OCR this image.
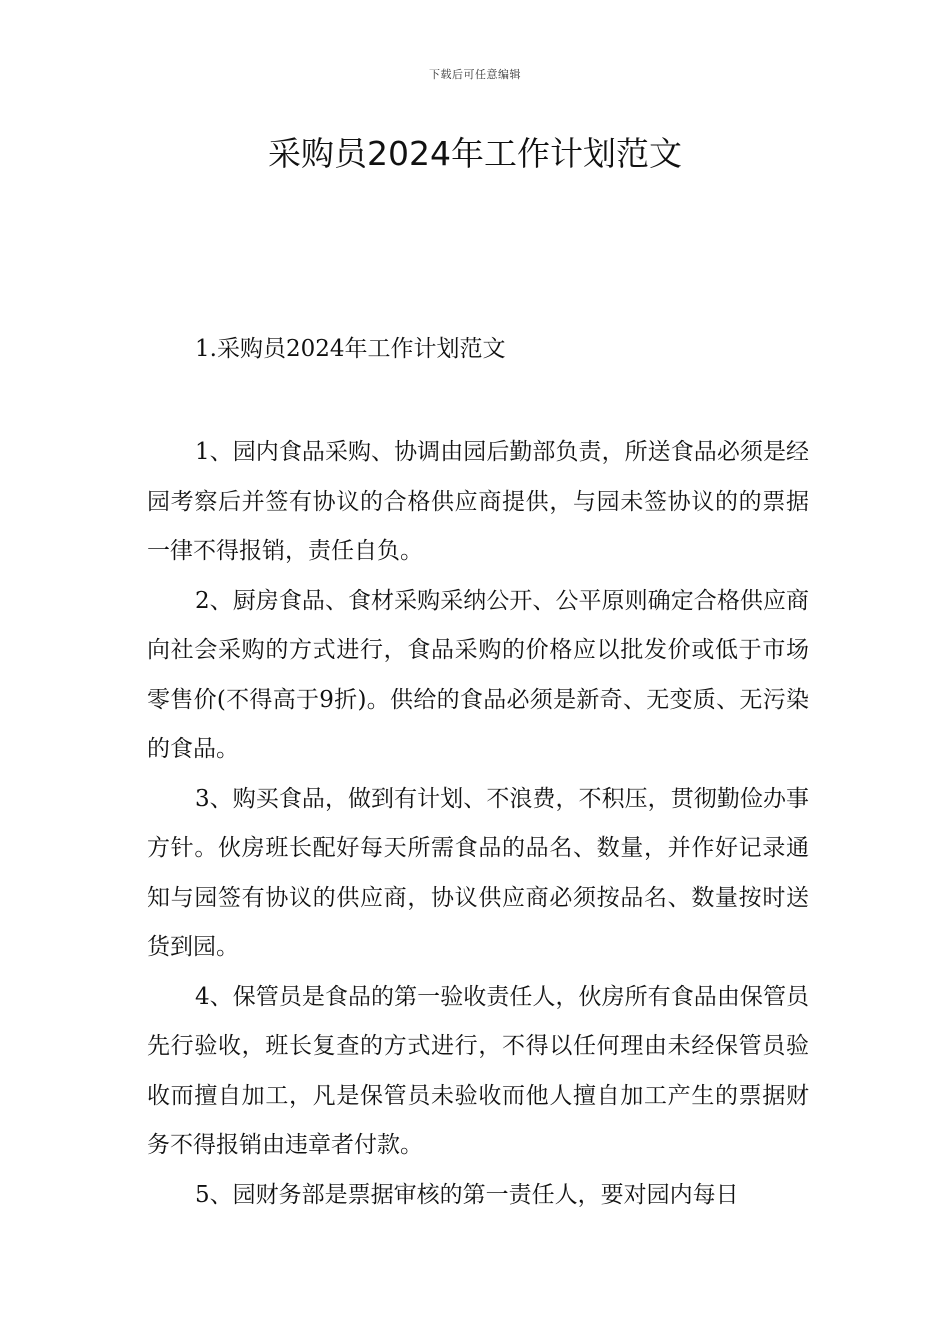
下载后可任意编辑
采购员2024年工作计划范文

1.采购员2024年工作计划范文

1、园内食品采购、协调由园后勤部负责，所送食品必须是经园考察后并签有协议的合格供应商提供，与园未签协议的的票据一律不得报销，责任自负。

2、厨房食品、食材采购采纳公开、公平原则确定合格供应商向社会采购的方式进行，食品采购的价格应以批发价或低于市场零售价(不得高于9折)。供给的食品必须是新奇、无变质、无污染的食品。

3、购买食品，做到有计划、不浪费，不积压，贯彻勤俭办事方针。伙房班长配好每天所需食品的品名、数量，并作好记录通知与园签有协议的供应商，协议供应商必须按品名、数量按时送货到园。

4、保管员是食品的第一验收责任人，伙房所有食品由保管员先行验收，班长复查的方式进行，不得以任何理由未经保管员验收而擅自加工，凡是保管员未验收而他人擅自加工产生的票据财务不得报销由违章者付款。

5、园财务部是票据审核的第一责任人，要对园内每日
